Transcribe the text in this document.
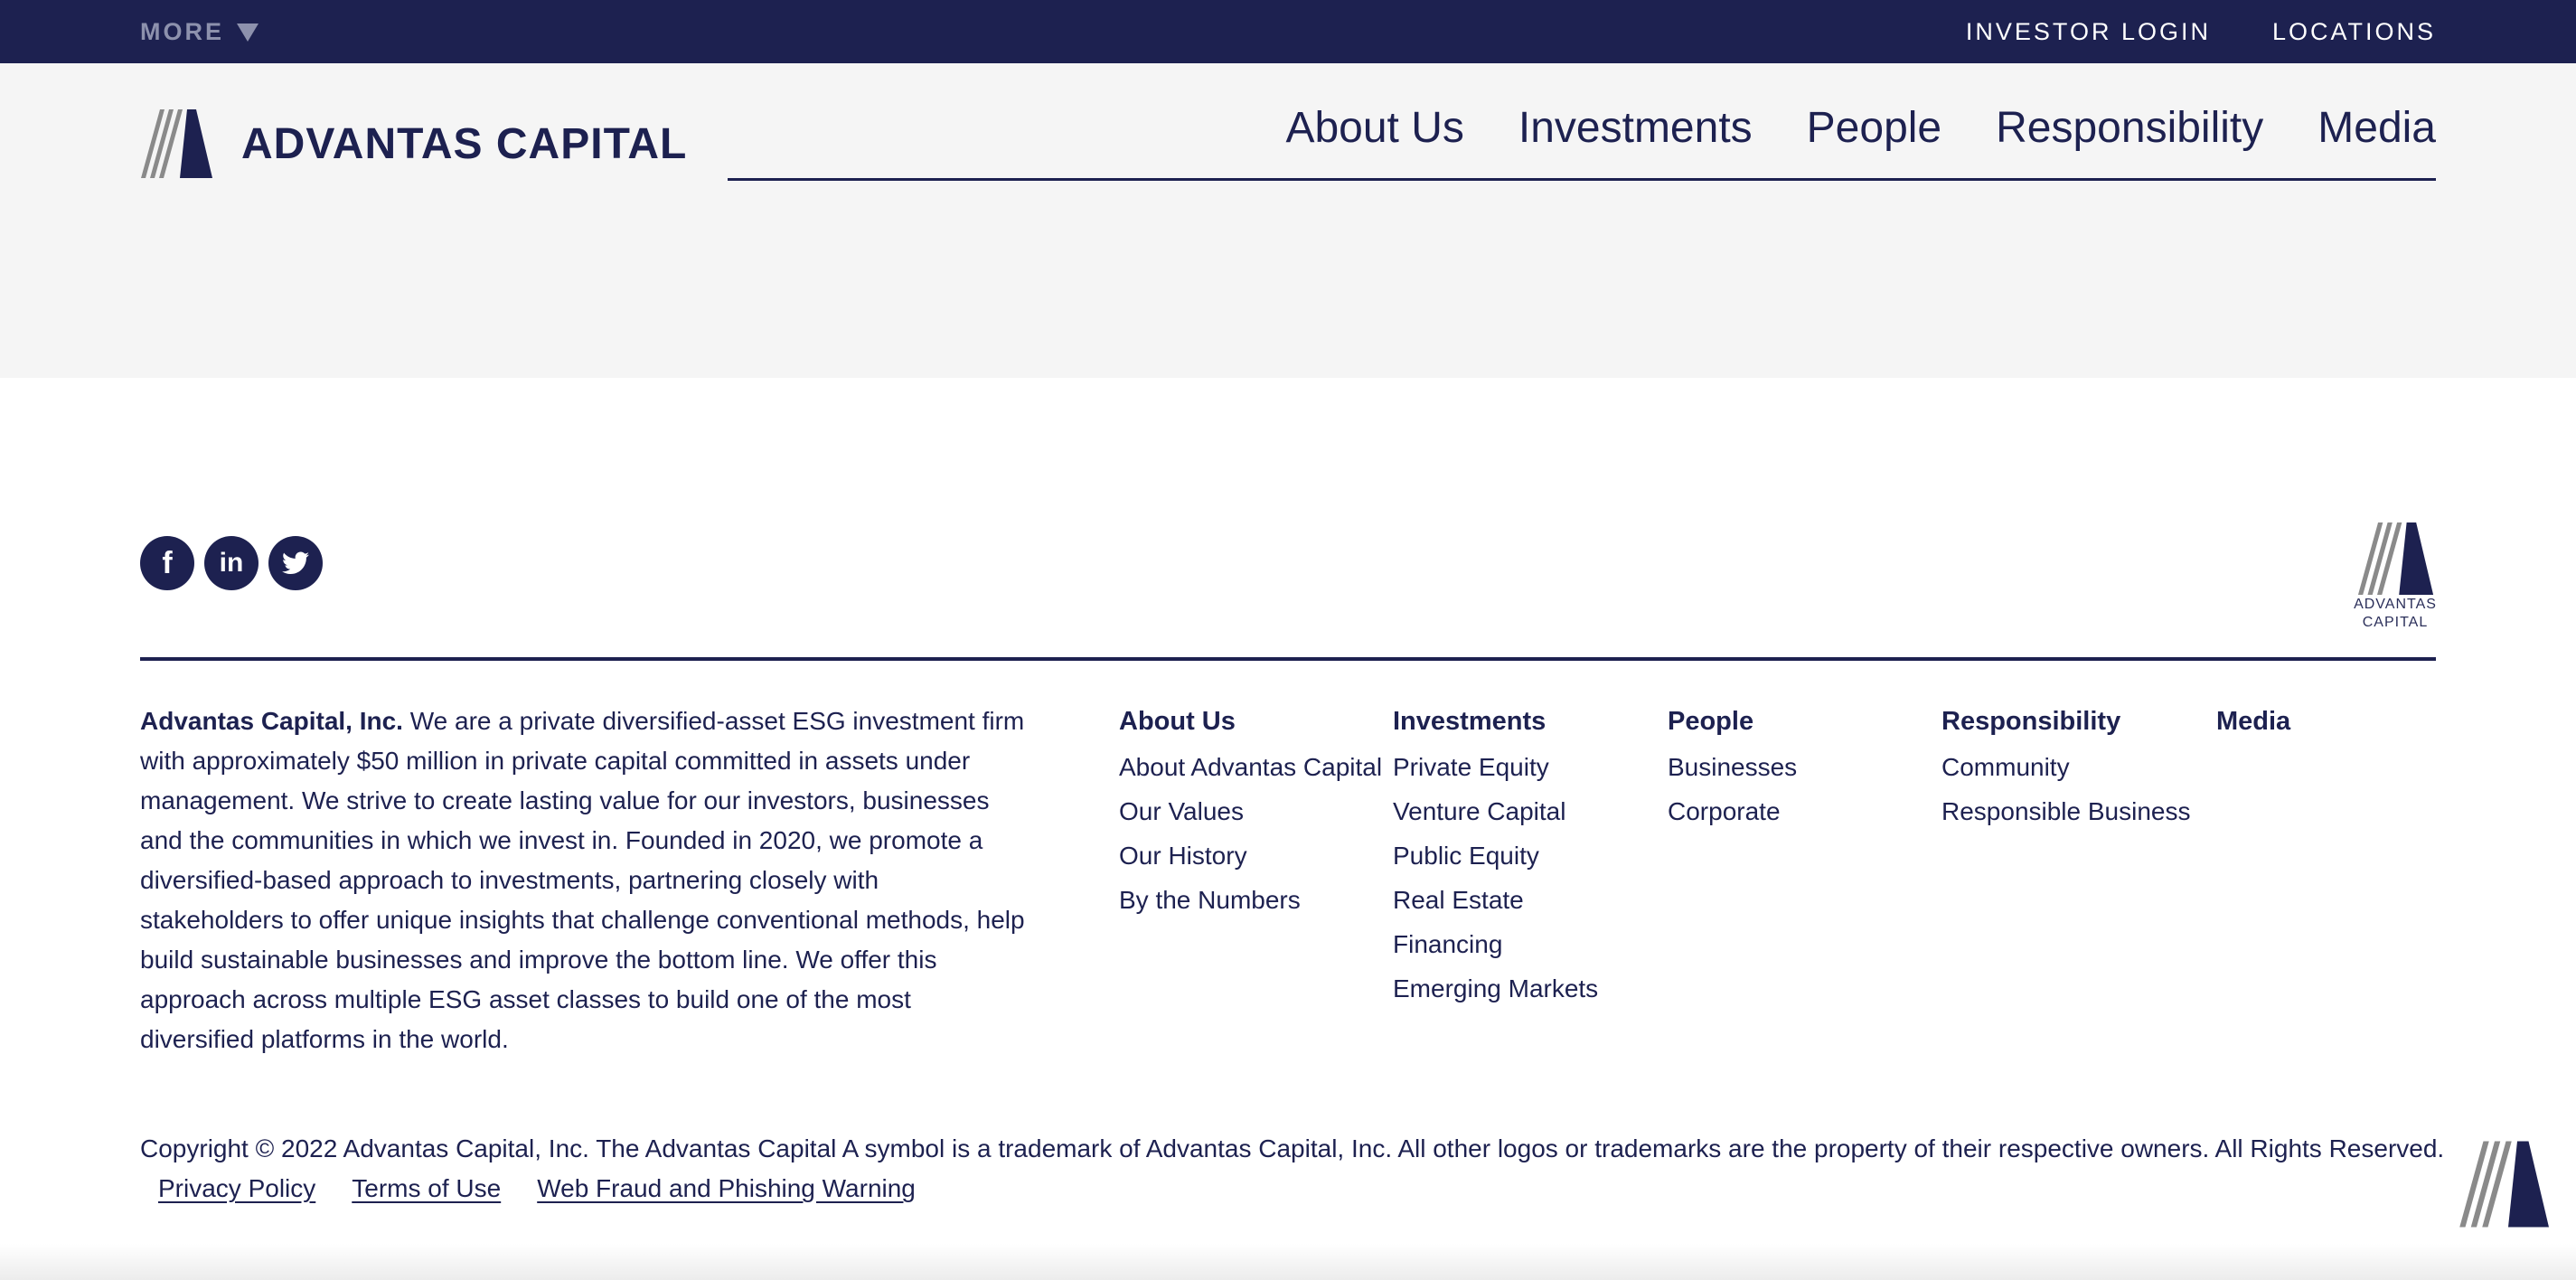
MORE	INVESTOR LOGIN	LOCATIONS
ADVANTAS CAPITAL	About Us Investments People Responsibility Media
f in
ADVANTAS
CAPITAL

Advantas Capital, Inc. We are a private diversified-asset ESG investment firm with approximately $50 million in private capital committed in assets under management. We strive to create lasting value for our investors, businesses and the communities in which we invest in. Founded in 2020, we promote a diversified-based approach to investments, partnering closely with stakeholders to offer unique insights that challenge conventional methods, help build sustainable businesses and improve the bottom line. We offer this approach across multiple ESG asset classes to build one of the most diversified platforms in the world.

About Us
About Advantas Capital
Our Values
Our History
By the Numbers
Investments
Private Equity
Venture Capital
Public Equity
Real Estate
Financing
Emerging Markets
People
Businesses
Corporate
Responsibility
Community
Responsible Business
Media
Copyright © 2022 Advantas Capital, Inc. The Advantas Capital A symbol is a trademark of Advantas Capital, Inc. All other logos or trademarks are the property of their respective owners. All Rights Reserved.
Privacy Policy Terms of Use Web Fraud and Phishing Warning
